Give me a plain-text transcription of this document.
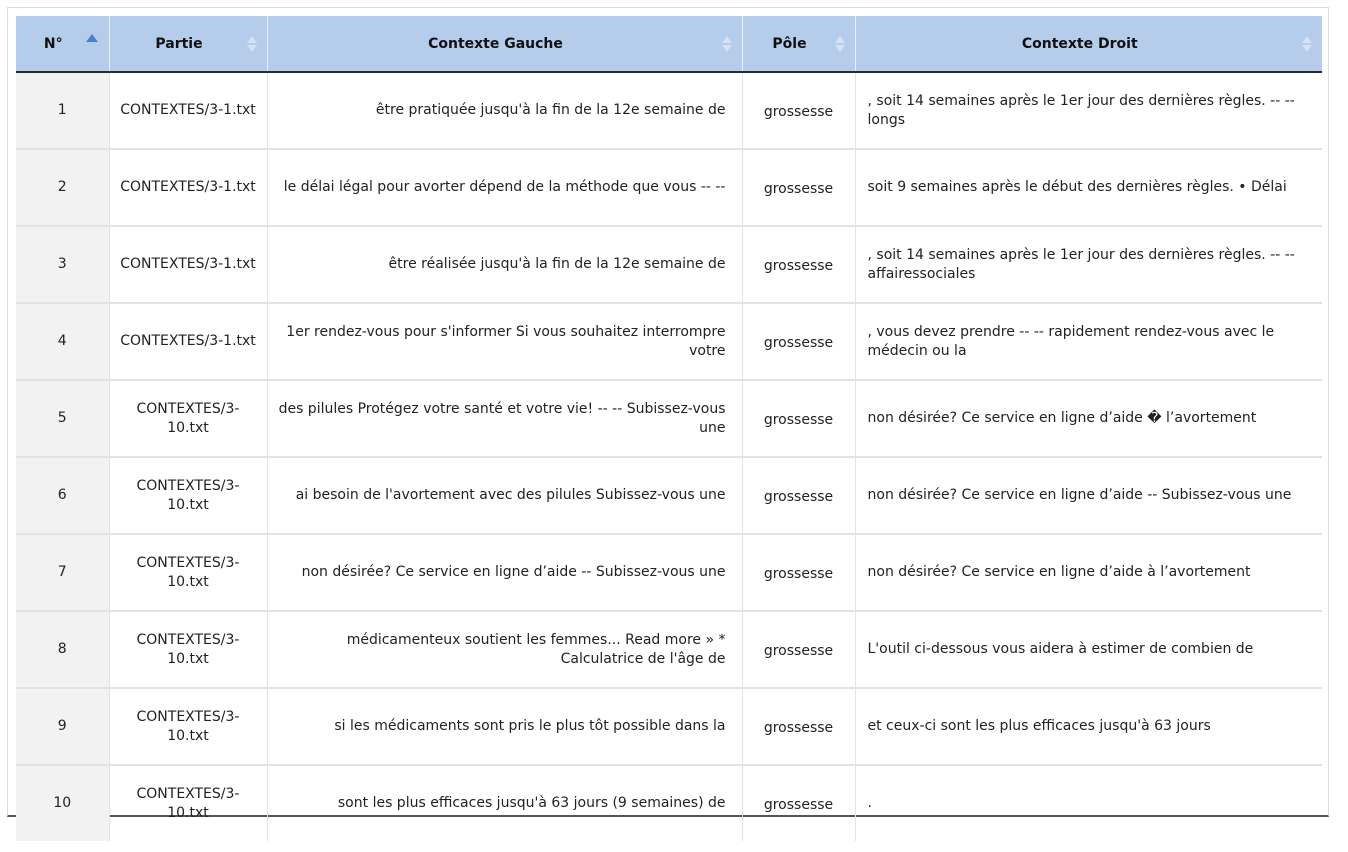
N°	Partie	Contexte Gauche	Pôle	Contexte Droit

1	CONTEXTES/3-1.txt	être pratiquée jusqu'à la fin de la 12e semaine de	grossesse	, soit 14 semaines après le 1er jour des dernières règles. -- -- longs
2	CONTEXTES/3-1.txt	le délai légal pour avorter dépend de la méthode que vous -- --	grossesse	soit 9 semaines après le début des dernières règles. • Délai
3	CONTEXTES/3-1.txt	être réalisée jusqu'à la fin de la 12e semaine de	grossesse	, soit 14 semaines après le 1er jour des dernières règles. -- -- affairessociales
4	CONTEXTES/3-1.txt	1er rendez-vous pour s'informer Si vous souhaitez interrompre votre	grossesse	, vous devez prendre -- -- rapidement rendez-vous avec le médecin ou la
5	CONTEXTES/3-10.txt	des pilules Protégez votre santé et votre vie! -- -- Subissez-vous une	grossesse	non désirée? Ce service en ligne d’aide � l’avortement
6	CONTEXTES/3-10.txt	ai besoin de l'avortement avec des pilules Subissez-vous une	grossesse	non désirée? Ce service en ligne d’aide -- Subissez-vous une
7	CONTEXTES/3-10.txt	non désirée? Ce service en ligne d’aide -- Subissez-vous une	grossesse	non désirée? Ce service en ligne d’aide à l’avortement
8	CONTEXTES/3-10.txt	médicamenteux soutient les femmes... Read more » * Calculatrice de l'âge de	grossesse	L'outil ci-dessous vous aidera à estimer de combien de
9	CONTEXTES/3-10.txt	si les médicaments sont pris le plus tôt possible dans la	grossesse	et ceux-ci sont les plus efficaces jusqu'à 63 jours
10	CONTEXTES/3-10.txt	sont les plus efficaces jusqu'à 63 jours (9 semaines) de	grossesse	.
